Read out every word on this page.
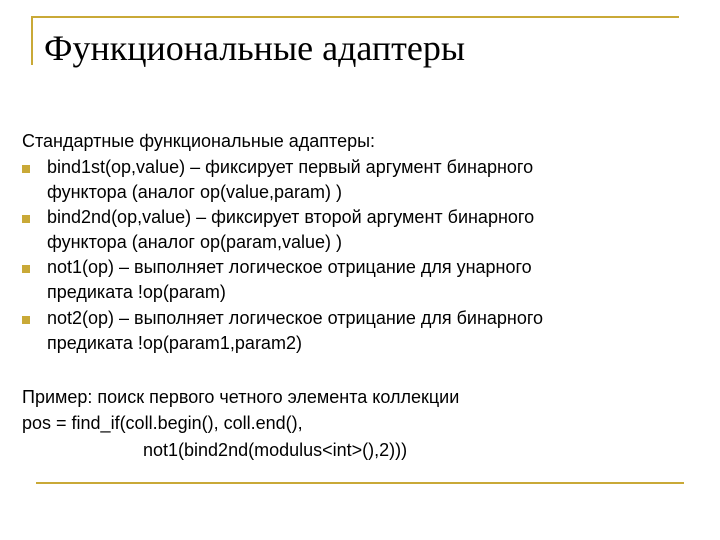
Функциональные адаптеры
Стандартные функциональные адаптеры:
bind1st(op,value) – фиксирует первый аргумент бинарного
функтора (аналог op(value,param) )
bind2nd(op,value) – фиксирует второй аргумент бинарного
функтора (аналог op(param,value) )
not1(op) – выполняет логическое отрицание для унарного
предиката !op(param)
not2(op) – выполняет логическое отрицание для бинарного
предиката !op(param1,param2)
Пример: поиск первого четного элемента коллекции
pos = find_if(coll.begin(), coll.end(),
not1(bind2nd(modulus<int>(),2)))
